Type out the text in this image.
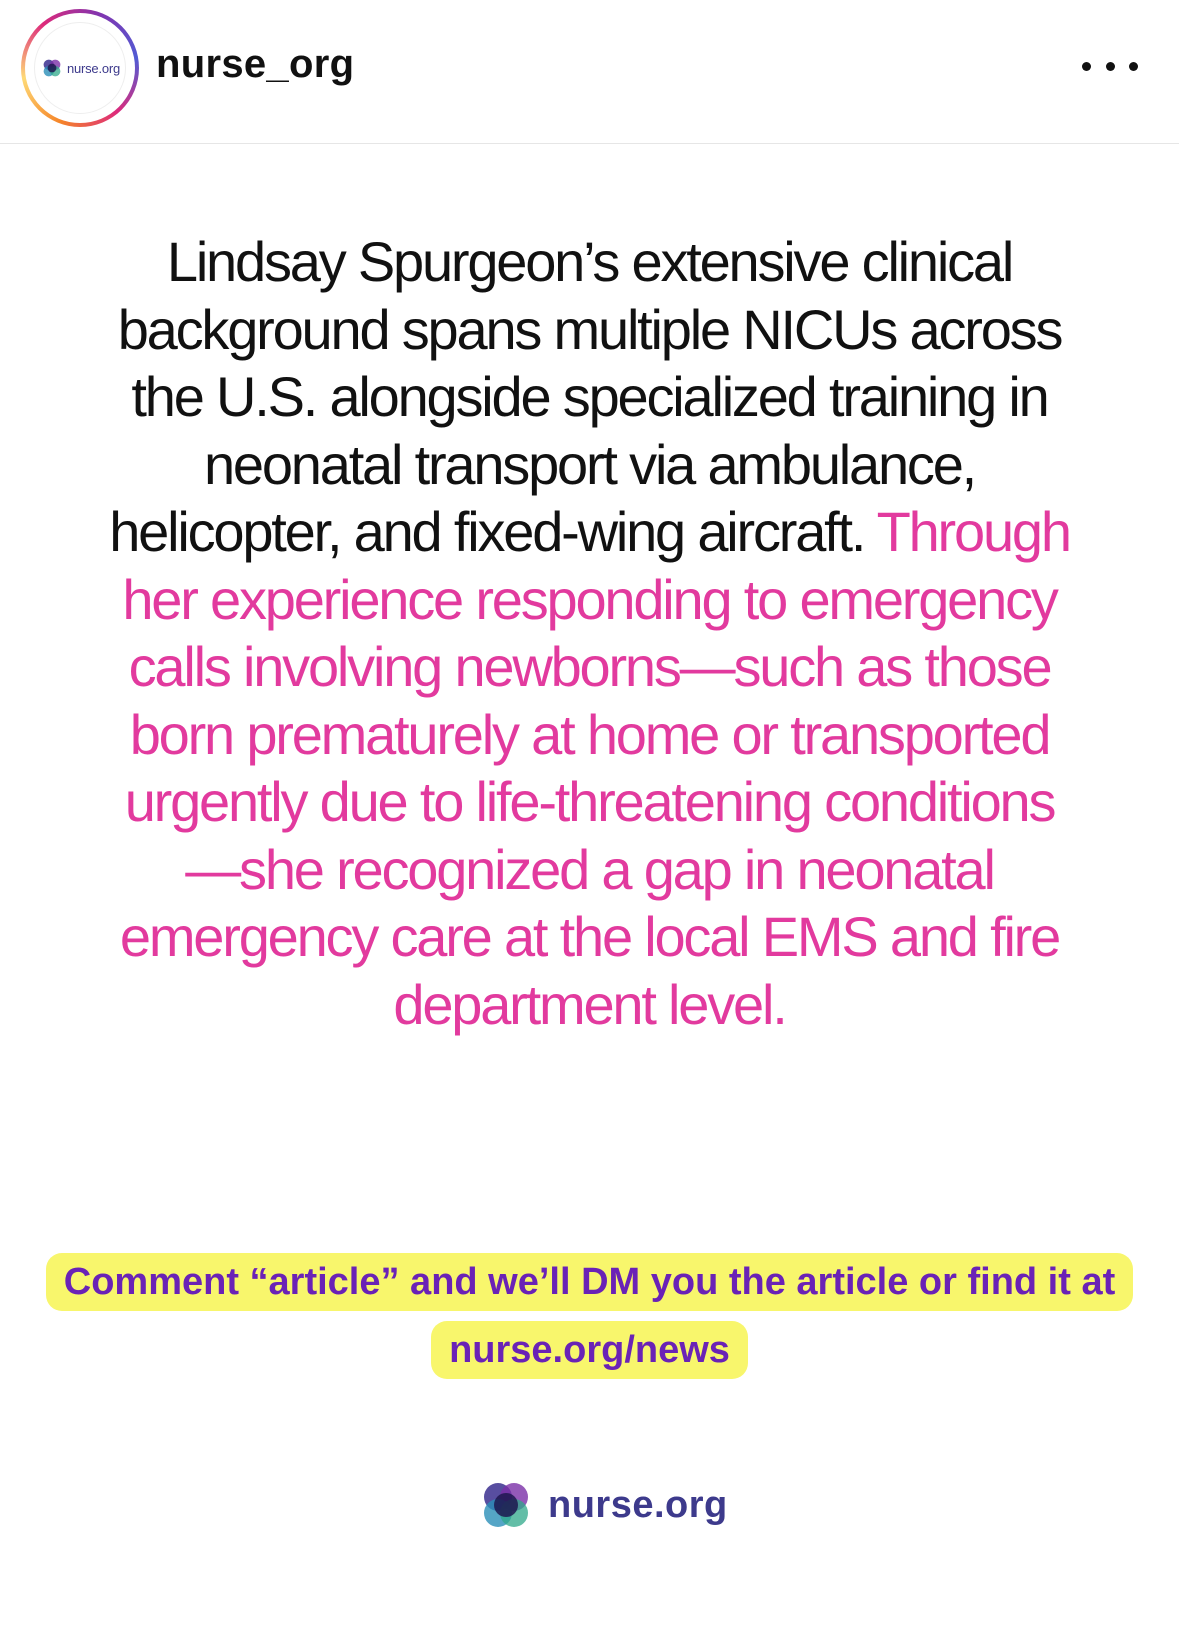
nurse.org nurse_org
Lindsay Spurgeon’s extensive clinical background spans multiple NICUs across the U.S. alongside specialized training in neonatal transport via ambulance, helicopter, and fixed-wing aircraft. Through her experience responding to emergency calls involving newborns—such as those born prematurely at home or transported urgently due to life-threatening conditions—she recognized a gap in neonatal emergency care at the local EMS and fire department level.
Comment “article” and we’ll DM you the article or find it at nurse.org/news
nurse.org
